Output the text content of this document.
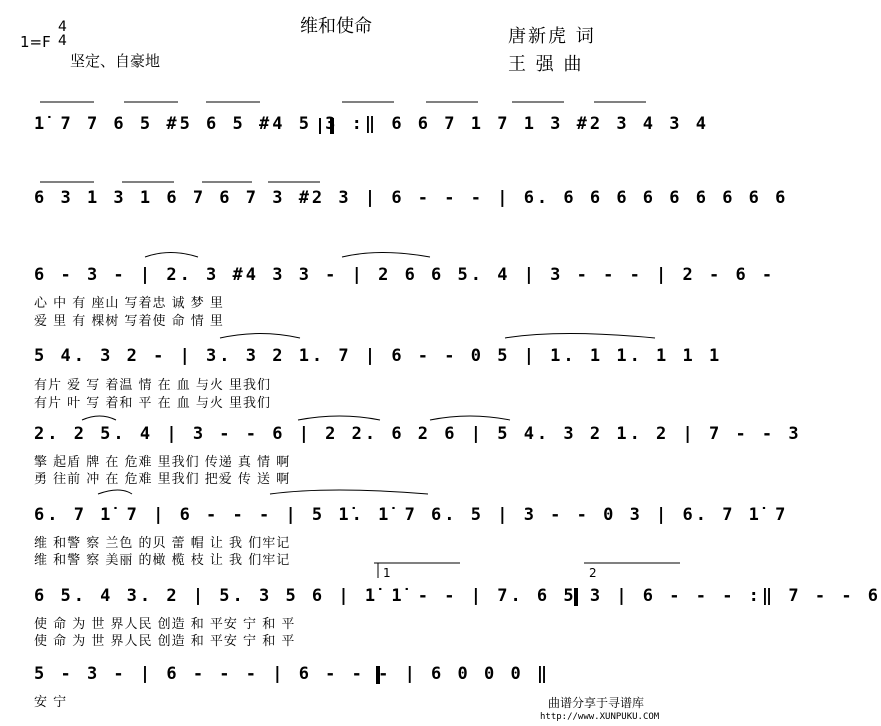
维和使命
1=F
4
4
坚定、自豪地
唐新虎 词
王 强 曲
1̇ 7 7 6 5 #5 6 5 #4 5 3 :‖ 6 6 7 1 7 1 3 #2 3 4 3 4
6 3 1 3 1 6 7 6 7 3 #2 3 | 6 - - - | 6. 6 6 6 6 6 6 6 6 6
6 - 3 - | 2. 3 #4 3 3 - | 2 6 6 5. 4 | 3 - - - | 2 - 6 -
心 中 有 座山 写着忠 诚 梦 里
爱 里 有 棵树 写着使 命 情 里
5 4. 3 2 - | 3. 3 2 1. 7 | 6 - - 0 5 | 1. 1 1. 1 1 1
有片 爱 写 着温 情 在 血 与火 里我们
有片 叶 写 着和 平 在 血 与火 里我们
2. 2 5. 4 | 3 - - 6 | 2 2. 6 2 6 | 5 4. 3 2 1. 2 | 7 - - 3
擎 起盾 牌 在 危难 里我们 传递 真 情 啊
勇 往前 冲 在 危难 里我们 把爱 传 送 啊
6. 7 1̇ 7 | 6 - - - | 5 1̇. 1̇ 7 6. 5 | 3 - - 0 3 | 6. 7 1̇ 7
维 和警 察 兰色 的贝 蕾 帽 让 我 们牢记
维 和警 察 美丽 的橄 榄 枝 让 我 们牢记
1	2
6 5. 4 3. 2 | 5. 3 5 6 | 1̇ 1̇ - - | 7. 6 5 3 | 6 - - - :‖ 7 - - 6
使 命 为 世 界人民 创造 和 平安 宁 和 平
使 命 为 世 界人民 创造 和 平安 宁 和 平
5 - 3 - | 6 - - - | 6 - - - | 6 0 0 0 ‖
安 宁	曲谱分享于寻谱库
http://www.XUNPUKU.COM
